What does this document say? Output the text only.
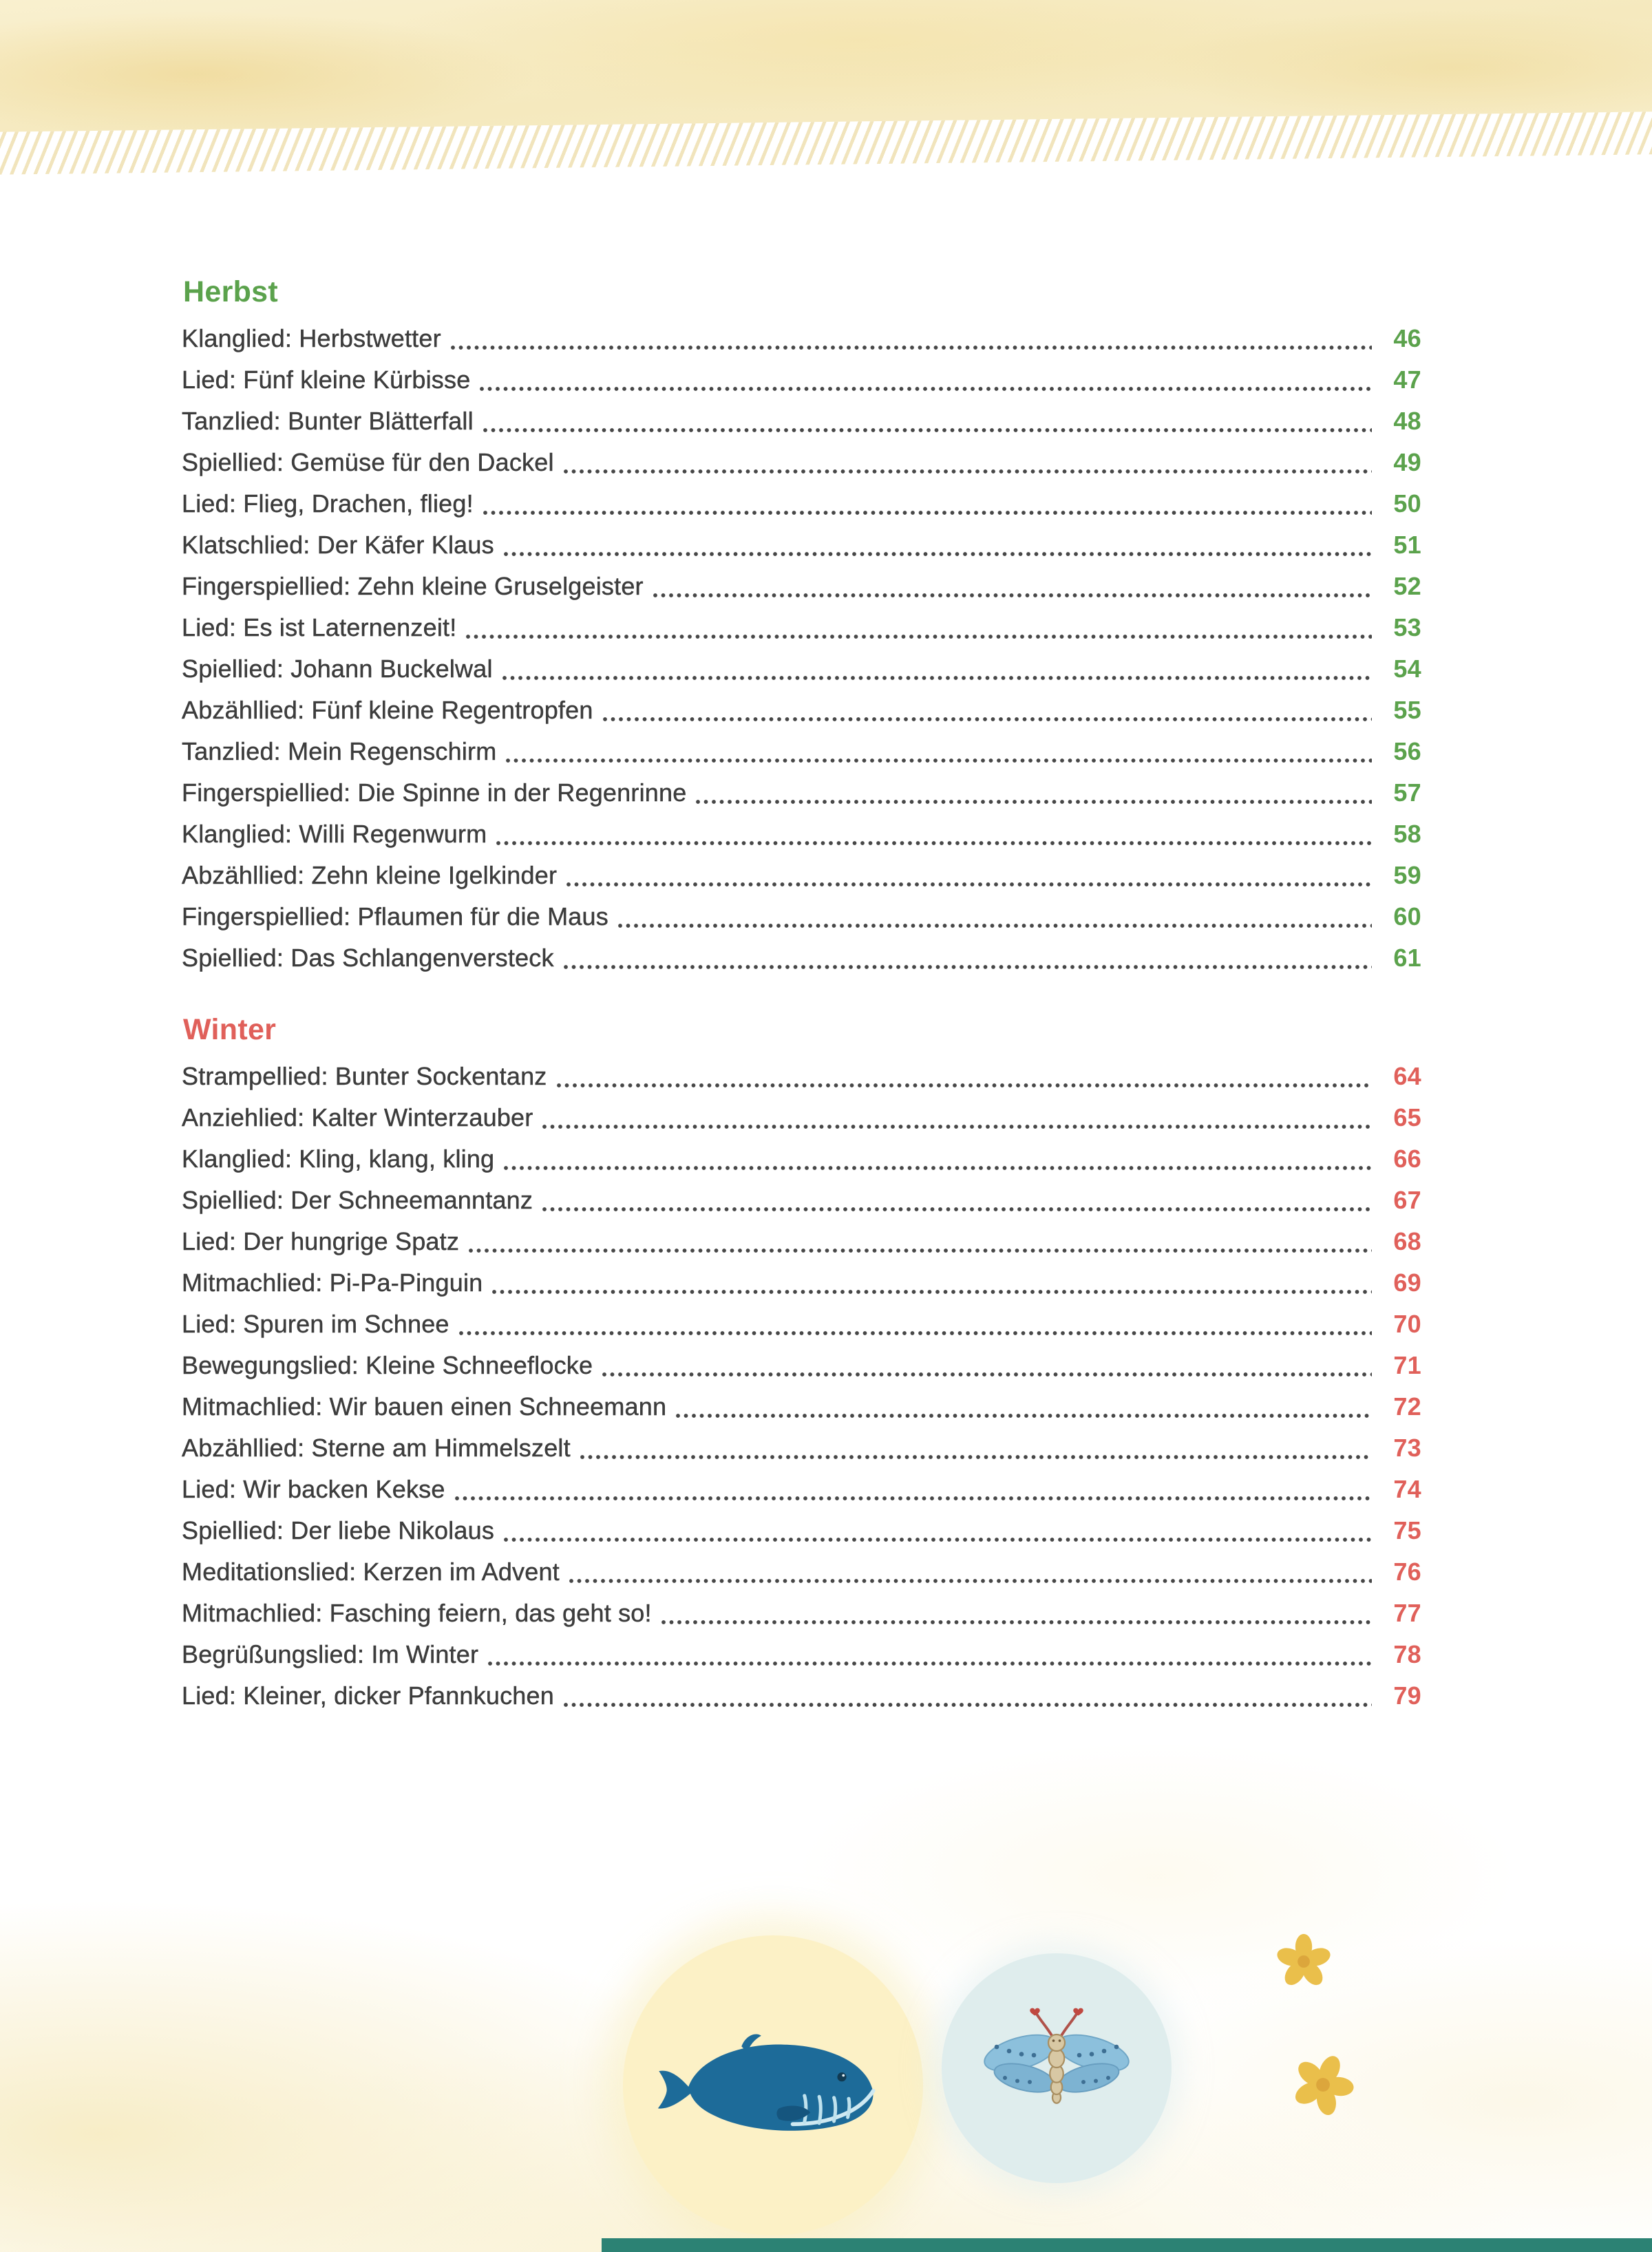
Herbst
Klanglied: Herbstwetter	46
Lied: Fünf kleine Kürbisse	47
Tanzlied: Bunter Blätterfall	48
Spiellied: Gemüse für den Dackel	49
Lied: Flieg, Drachen, flieg!	50
Klatschlied: Der Käfer Klaus	51
Fingerspiellied: Zehn kleine Gruselgeister	52
Lied: Es ist Laternenzeit!	53
Spiellied: Johann Buckelwal	54
Abzähllied: Fünf kleine Regentropfen	55
Tanzlied: Mein Regenschirm	56
Fingerspiellied: Die Spinne in der Regenrinne	57
Klanglied: Willi Regenwurm	58
Abzähllied: Zehn kleine Igelkinder	59
Fingerspiellied: Pflaumen für die Maus	60
Spiellied: Das Schlangenversteck	61
Winter
Strampellied: Bunter Sockentanz	64
Anziehlied: Kalter Winterzauber	65
Klanglied: Kling, klang, kling	66
Spiellied: Der Schneemanntanz	67
Lied: Der hungrige Spatz	68
Mitmachlied: Pi-Pa-Pinguin	69
Lied: Spuren im Schnee	70
Bewegungslied: Kleine Schneeflocke	71
Mitmachlied: Wir bauen einen Schneemann	72
Abzähllied: Sterne am Himmelszelt	73
Lied: Wir backen Kekse	74
Spiellied: Der liebe Nikolaus	75
Meditationslied: Kerzen im Advent	76
Mitmachlied: Fasching feiern, das geht so!	77
Begrüßungslied: Im Winter	78
Lied: Kleiner, dicker Pfannkuchen	79
